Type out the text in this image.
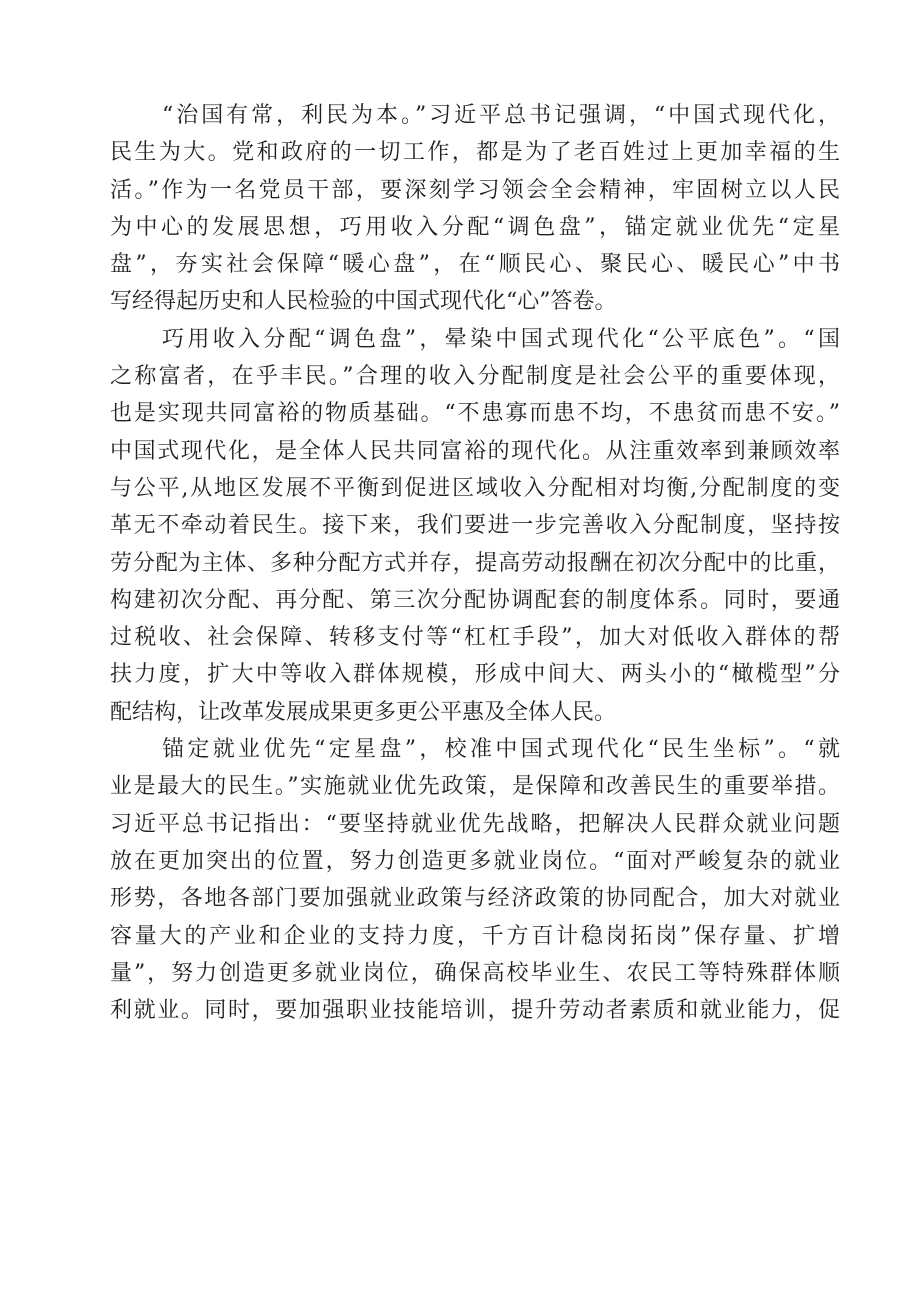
“治国有常，利民为本。”习近平总书记强调，“中国式现代化，
民生为大。党和政府的一切工作，都是为了老百姓过上更加幸福的生
活。”作为一名党员干部，要深刻学习领会全会精神，牢固树立以人民
为中心的发展思想，巧用收入分配“调色盘”，锚定就业优先“定星
盘”，夯实社会保障“暖心盘”，在“顺民心、聚民心、暖民心”中书
写经得起历史和人民检验的中国式现代化“心”答卷。
巧用收入分配“调色盘”，晕染中国式现代化“公平底色”。“国
之称富者，在乎丰民。”合理的收入分配制度是社会公平的重要体现，
也是实现共同富裕的物质基础。“不患寡而患不均，不患贫而患不安。”
中国式现代化，是全体人民共同富裕的现代化。从注重效率到兼顾效率
与公平,从地区发展不平衡到促进区域收入分配相对均衡,分配制度的变
革无不牵动着民生。接下来，我们要进一步完善收入分配制度，坚持按
劳分配为主体、多种分配方式并存，提高劳动报酬在初次分配中的比重，
构建初次分配、再分配、第三次分配协调配套的制度体系。同时，要通
过税收、社会保障、转移支付等“杠杠手段”，加大对低收入群体的帮
扶力度，扩大中等收入群体规模，形成中间大、两头小的“橄榄型”分
配结构，让改革发展成果更多更公平惠及全体人民。
锚定就业优先“定星盘”，校准中国式现代化“民生坐标”。“就
业是最大的民生。”实施就业优先政策，是保障和改善民生的重要举措。
习近平总书记指出：“要坚持就业优先战略，把解决人民群众就业问题
放在更加突出的位置，努力创造更多就业岗位。“面对严峻复杂的就业
形势，各地各部门要加强就业政策与经济政策的协同配合，加大对就业
容量大的产业和企业的支持力度，千方百计稳岗拓岗”保存量、扩增
量”，努力创造更多就业岗位，确保高校毕业生、农民工等特殊群体顺
利就业。同时，要加强职业技能培训，提升劳动者素质和就业能力，促
